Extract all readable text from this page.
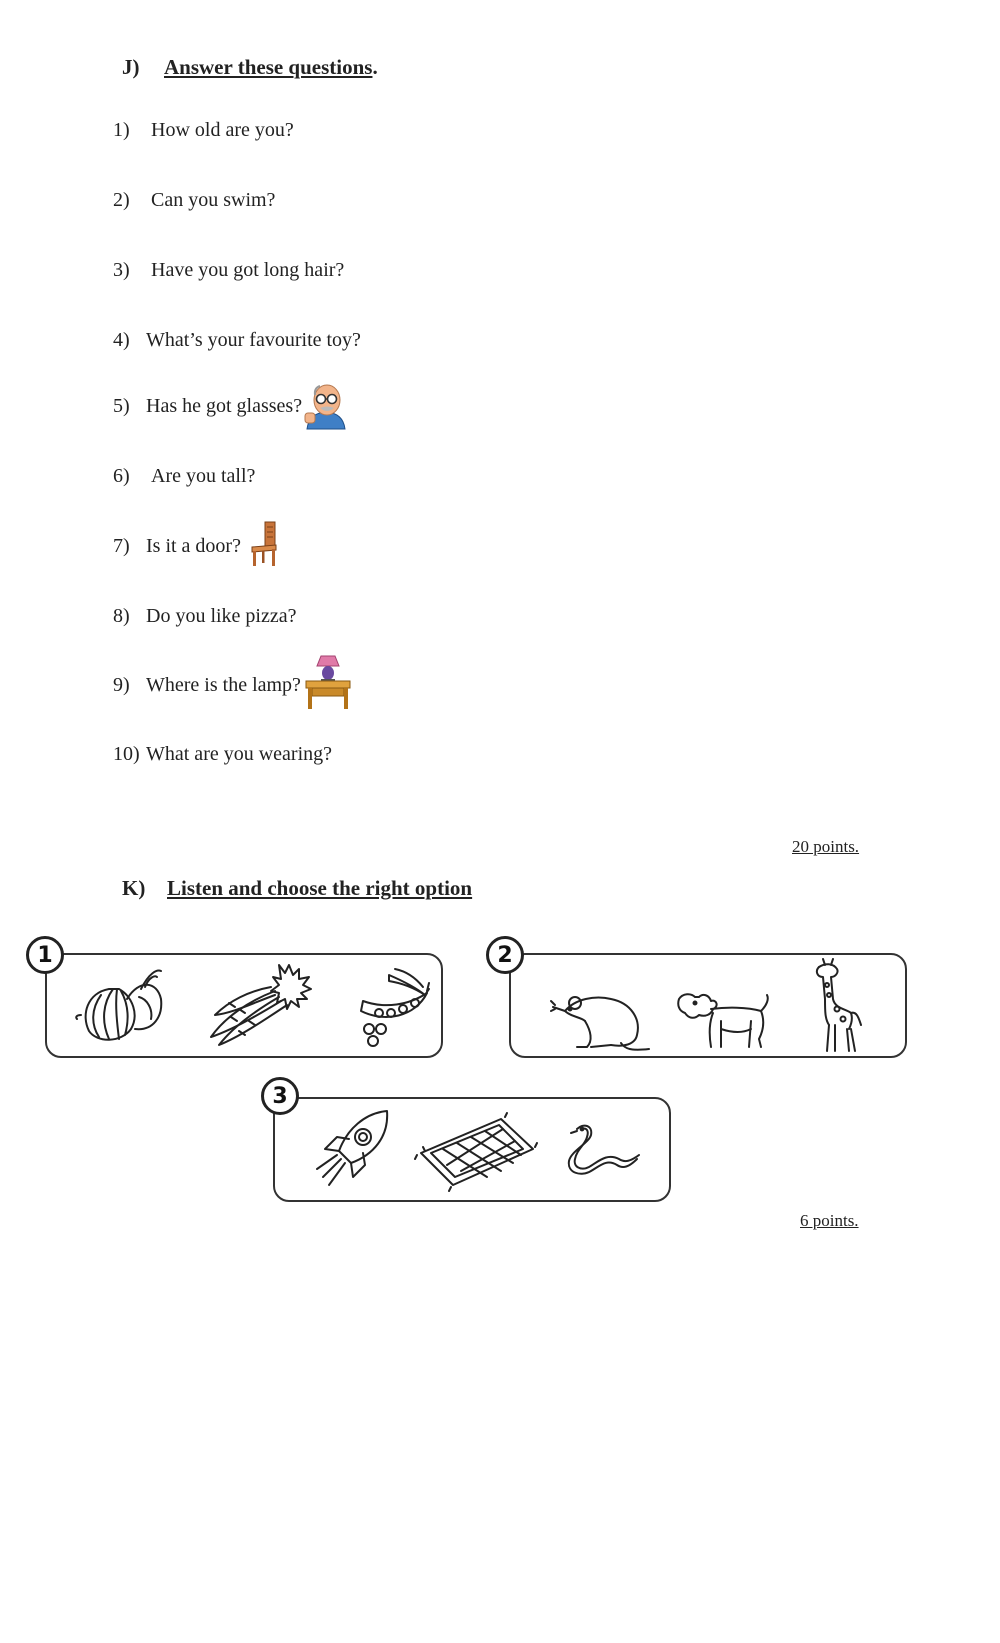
J) Answer these questions.
1) How old are you?
2) Can you swim?
3) Have you got long hair?
4) What’s your favourite toy?
5) Has he got glasses?
6) Are you tall?
7) Is it a door?
8) Do you like pizza?
9) Where is the lamp?
10) What are you wearing?
20 points.
K) Listen and choose the right option
1	2
3
6 points.
